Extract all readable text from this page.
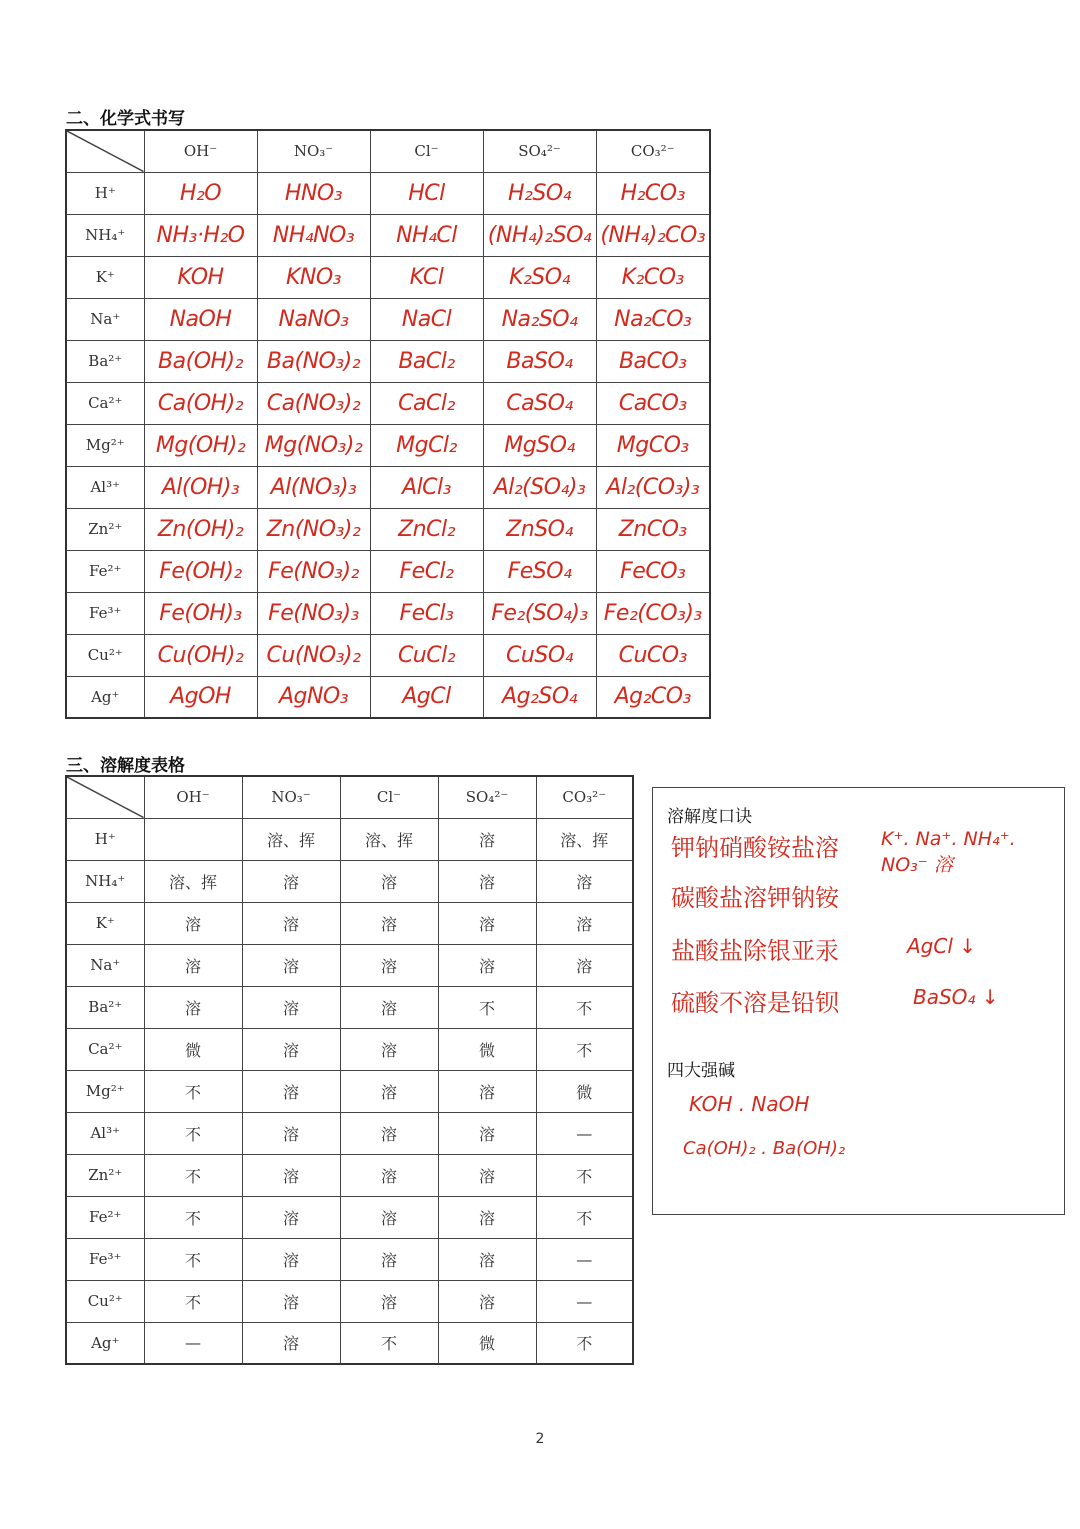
二、化学式书写
	OH⁻	NO₃⁻	Cl⁻	SO₄²⁻	CO₃²⁻
H⁺	H₂O	HNO₃	HCl	H₂SO₄	H₂CO₃
NH₄⁺	NH₃·H₂O	NH₄NO₃	NH₄Cl	(NH₄)₂SO₄	(NH₄)₂CO₃
K⁺	KOH	KNO₃	KCl	K₂SO₄	K₂CO₃
Na⁺	NaOH	NaNO₃	NaCl	Na₂SO₄	Na₂CO₃
Ba²⁺	Ba(OH)₂	Ba(NO₃)₂	BaCl₂	BaSO₄	BaCO₃
Ca²⁺	Ca(OH)₂	Ca(NO₃)₂	CaCl₂	CaSO₄	CaCO₃
Mg²⁺	Mg(OH)₂	Mg(NO₃)₂	MgCl₂	MgSO₄	MgCO₃
Al³⁺	Al(OH)₃	Al(NO₃)₃	AlCl₃	Al₂(SO₄)₃	Al₂(CO₃)₃
Zn²⁺	Zn(OH)₂	Zn(NO₃)₂	ZnCl₂	ZnSO₄	ZnCO₃
Fe²⁺	Fe(OH)₂	Fe(NO₃)₂	FeCl₂	FeSO₄	FeCO₃
Fe³⁺	Fe(OH)₃	Fe(NO₃)₃	FeCl₃	Fe₂(SO₄)₃	Fe₂(CO₃)₃
Cu²⁺	Cu(OH)₂	Cu(NO₃)₂	CuCl₂	CuSO₄	CuCO₃
Ag⁺	AgOH	AgNO₃	AgCl	Ag₂SO₄	Ag₂CO₃
三、溶解度表格
	OH⁻	NO₃⁻	Cl⁻	SO₄²⁻	CO₃²⁻
H⁺		溶、挥	溶、挥	溶	溶、挥
NH₄⁺	溶、挥	溶	溶	溶	溶
K⁺	溶	溶	溶	溶	溶
Na⁺	溶	溶	溶	溶	溶
Ba²⁺	溶	溶	溶	不	不
Ca²⁺	微	溶	溶	微	不
Mg²⁺	不	溶	溶	溶	微
Al³⁺	不	溶	溶	溶	—
Zn²⁺	不	溶	溶	溶	不
Fe²⁺	不	溶	溶	溶	不
Fe³⁺	不	溶	溶	溶	—
Cu²⁺	不	溶	溶	溶	—
Ag⁺	—	溶	不	微	不
溶解度口诀
钾钠硝酸铵盐溶 K⁺. Na⁺. NH₄⁺. NO₃⁻ 溶
碳酸盐溶钾钠铵
盐酸盐除银亚汞	AgCl ↓
硫酸不溶是铅钡	BaSO₄ ↓
四大强碱
KOH . NaOH
Ca(OH)₂ . Ba(OH)₂
2
